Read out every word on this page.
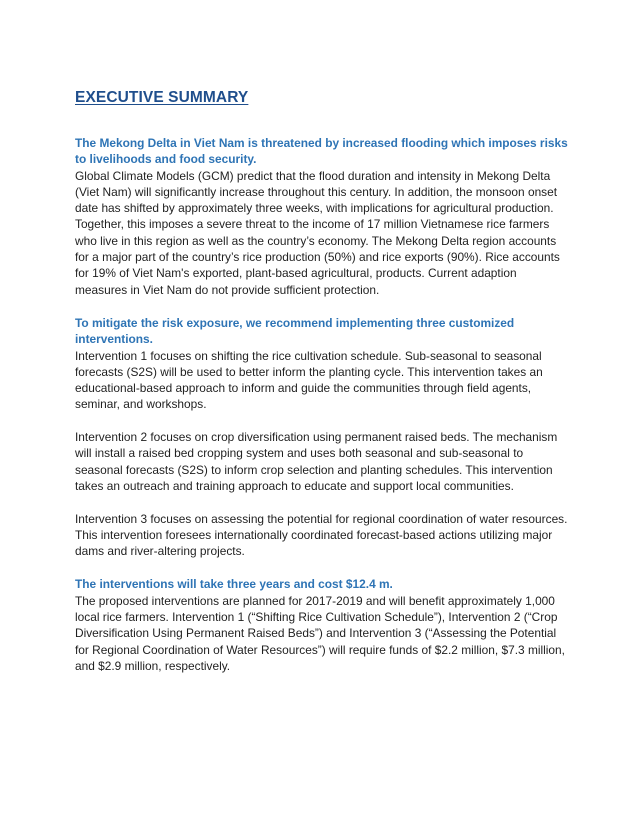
EXECUTIVE SUMMARY

The Mekong Delta in Viet Nam is threatened by increased flooding which imposes risks to livelihoods and food security.

Global Climate Models (GCM) predict that the flood duration and intensity in Mekong Delta (Viet Nam) will significantly increase throughout this century. In addition, the monsoon onset date has shifted by approximately three weeks, with implications for agricultural production. Together, this imposes a severe threat to the income of 17 million Vietnamese rice farmers who live in this region as well as the country’s economy. The Mekong Delta region accounts for a major part of the country’s rice production (50%) and rice exports (90%). Rice accounts for 19% of Viet Nam's exported, plant-based agricultural, products. Current adaption measures in Viet Nam do not provide sufficient protection.

To mitigate the risk exposure, we recommend implementing three customized interventions.

Intervention 1 focuses on shifting the rice cultivation schedule. Sub-seasonal to seasonal forecasts (S2S) will be used to better inform the planting cycle. This intervention takes an educational-based approach to inform and guide the communities through field agents, seminar, and workshops.

Intervention 2 focuses on crop diversification using permanent raised beds. The mechanism will install a raised bed cropping system and uses both seasonal and sub-seasonal to seasonal forecasts (S2S) to inform crop selection and planting schedules. This intervention takes an outreach and training approach to educate and support local communities.

Intervention 3 focuses on assessing the potential for regional coordination of water resources. This intervention foresees internationally coordinated forecast-based actions utilizing major dams and river-altering projects.

The interventions will take three years and cost $12.4 m.

The proposed interventions are planned for 2017-2019 and will benefit approximately 1,000 local rice farmers. Intervention 1 (“Shifting Rice Cultivation Schedule”), Intervention 2 (“Crop Diversification Using Permanent Raised Beds”) and Intervention 3 (“Assessing the Potential for Regional Coordination of Water Resources”) will require funds of $2.2 million, $7.3 million, and $2.9 million, respectively.
